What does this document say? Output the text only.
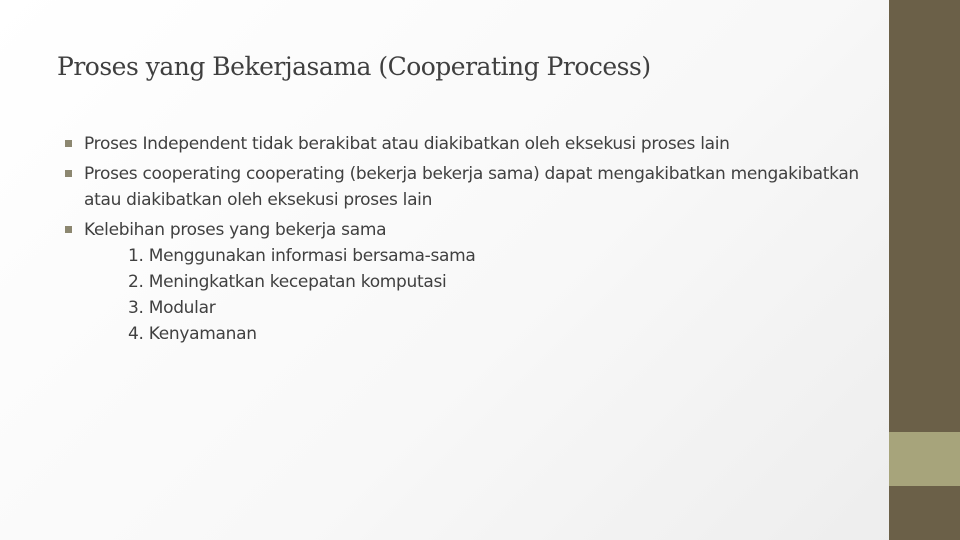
Proses yang Bekerjasama (Cooperating Process)
Proses Independent tidak berakibat atau diakibatkan oleh eksekusi proses lain
Proses cooperating cooperating (bekerja bekerja sama) dapat mengakibatkan mengakibatkan atau diakibatkan oleh eksekusi proses lain
Kelebihan proses yang bekerja sama
1. Menggunakan informasi bersama-sama
2. Meningkatkan kecepatan komputasi
3. Modular
4. Kenyamanan
